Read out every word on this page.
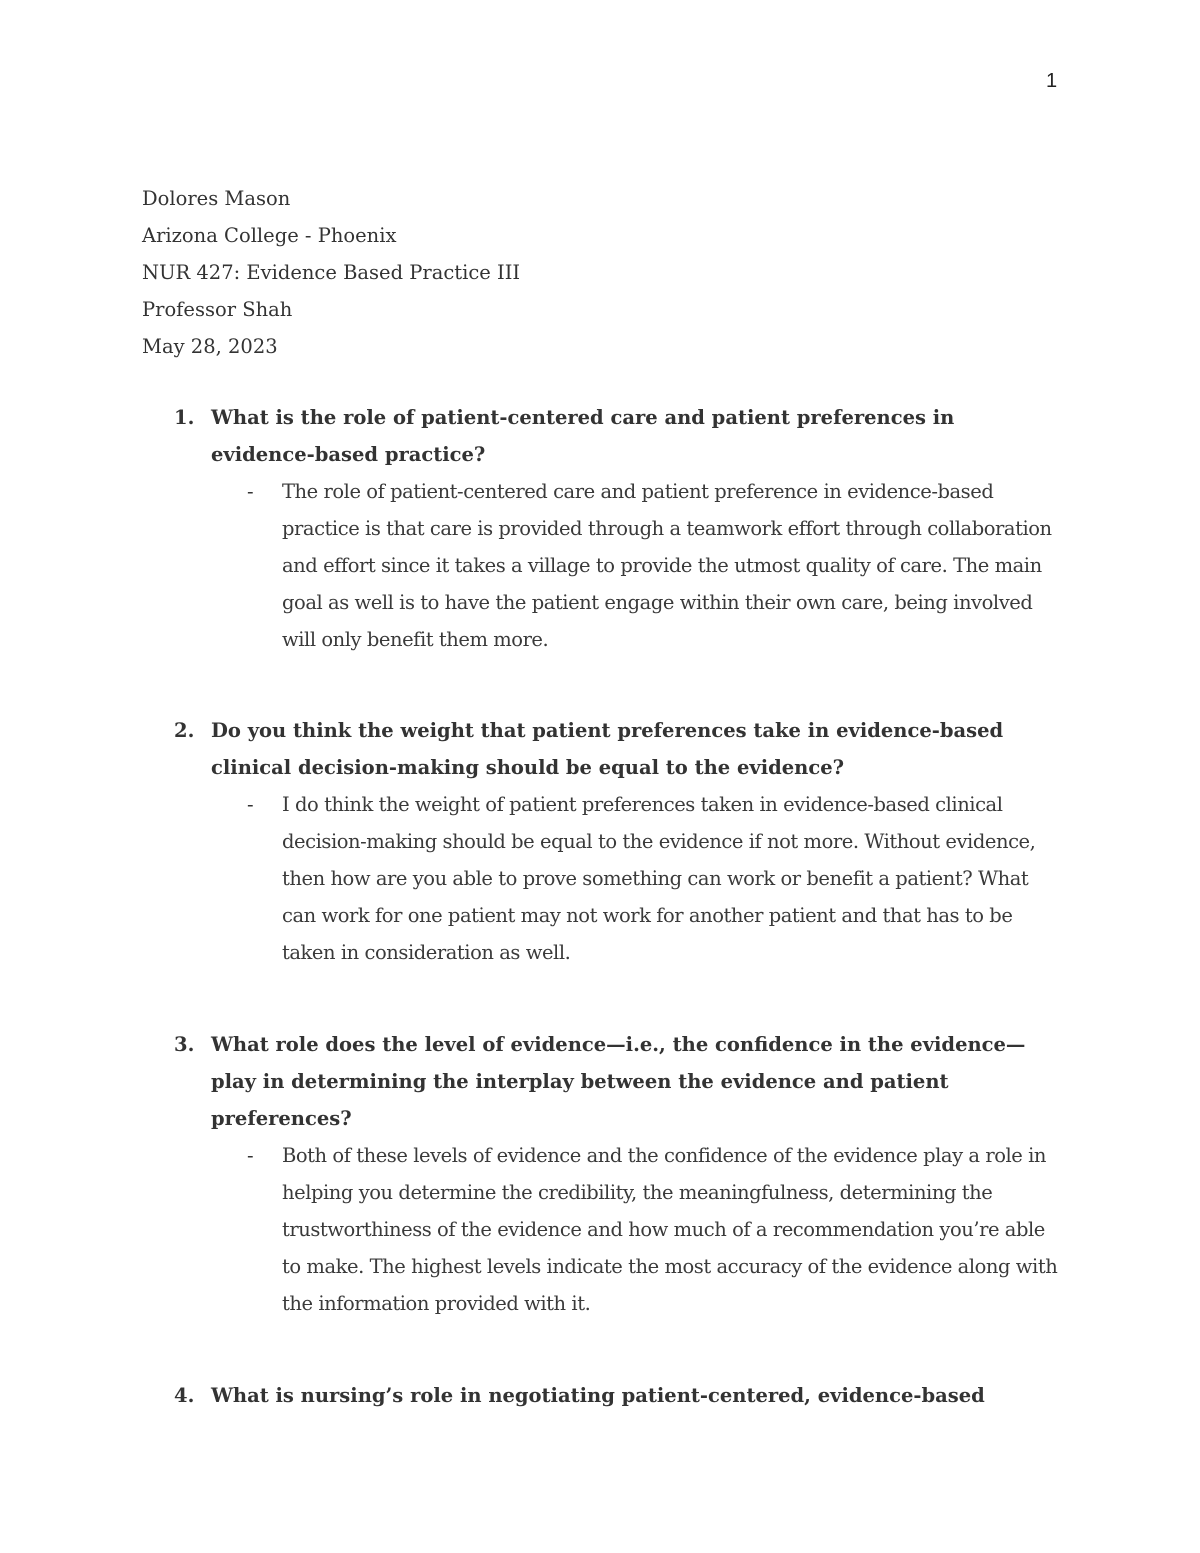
1
Dolores Mason
Arizona College - Phoenix
NUR 427: Evidence Based Practice III
Professor Shah
May 28, 2023
1. What is the role of patient-centered care and patient preferences in
evidence-based practice?
- The role of patient-centered care and patient preference in evidence-based
practice is that care is provided through a teamwork effort through collaboration
and effort since it takes a village to provide the utmost quality of care. The main
goal as well is to have the patient engage within their own care, being involved
will only benefit them more.
2. Do you think the weight that patient preferences take in evidence-based
clinical decision-making should be equal to the evidence?
- I do think the weight of patient preferences taken in evidence-based clinical
decision-making should be equal to the evidence if not more. Without evidence,
then how are you able to prove something can work or benefit a patient? What
can work for one patient may not work for another patient and that has to be
taken in consideration as well.
3. What role does the level of evidence—i.e., the confidence in the evidence—
play in determining the interplay between the evidence and patient
preferences?
- Both of these levels of evidence and the confidence of the evidence play a role in
helping you determine the credibility, the meaningfulness, determining the
trustworthiness of the evidence and how much of a recommendation you’re able
to make. The highest levels indicate the most accuracy of the evidence along with
the information provided with it.
4. What is nursing’s role in negotiating patient-centered, evidence-based
